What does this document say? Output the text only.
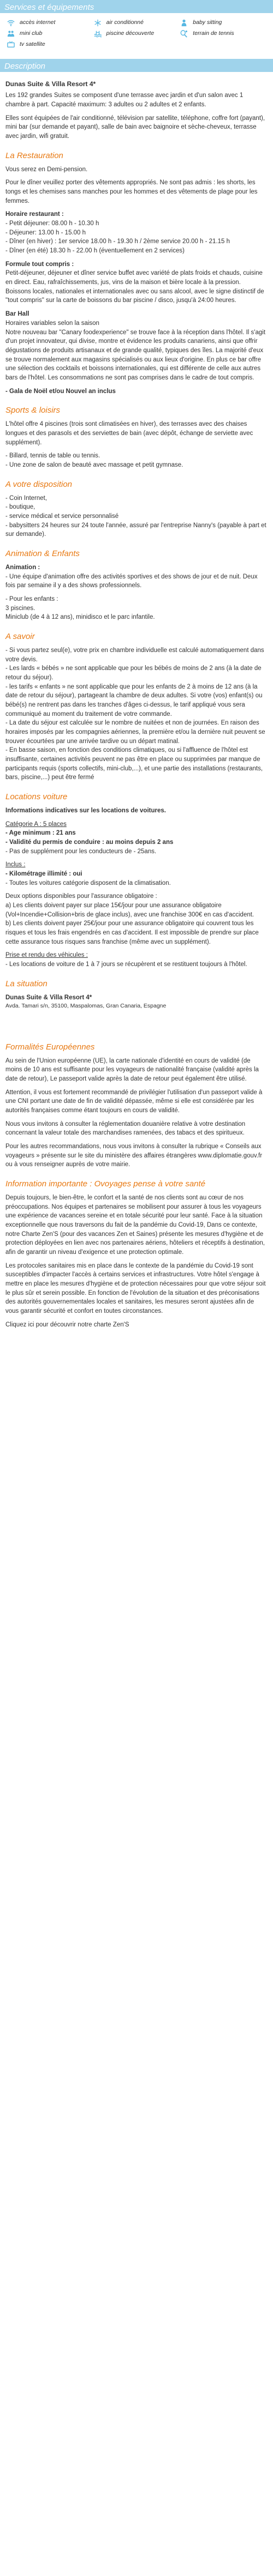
Services et équipements
accès internet	air conditionné	baby sitting
mini club	piscine découverte	terrain de tennis
tv satellite
Description
Dunas Suite & Villa Resort 4*

Les 192 grandes Suites se composent d'une terrasse avec jardin et d'un salon avec 1 chambre à part. Capacité maximum: 3 adultes ou 2 adultes et 2 enfants.

Elles sont équipées de l'air conditionné, télévision par satellite, téléphone, coffre fort (payant), mini bar (sur demande et payant), salle de bain avec baignoire et sèche-cheveux, terrasse avec jardin, wifi gratuit.

La Restauration

Vous serez en Demi-pension.

Pour le dîner veuillez porter des vêtements appropriés. Ne sont pas admis : les shorts, les tongs et les chemises sans manches pour les hommes et des vêtements de plage pour les femmes.

Horaire restaurant :
- Petit déjeuner: 08.00 h - 10.30 h
- Déjeuner: 13.00 h - 15.00 h
- Dîner (en hiver) : 1er service 18.00 h - 19.30 h / 2ème service 20.00 h - 21.15 h
- Dîner (en été) 18.30 h - 22.00 h (éventuellement en 2 services)
Formule tout compris :

Petit-déjeuner, déjeuner et dîner service buffet avec variété de plats froids et chauds, cuisine en direct. Eau, rafraîchissements, jus, vins de la maison et bière locale à la pression. Boissons locales, nationales et internationales avec ou sans alcool, avec le signe distinctif de "tout compris" sur la carte de boissons du bar piscine / disco, jusqu'à 24:00 heures.

Bar Hall
Horaires variables selon la saison

Notre nouveau bar "Canary foodexperience" se trouve face à la réception dans l'hôtel. Il s'agit d'un projet innovateur, qui divise, montre et évidence les produits canariens, ainsi que offrir dégustations de produits artisanaux et de grande qualité, typiques des îles. La majorité d'eux se trouve normalement aux magasins spécialisés ou aux lieux d'origine. En plus ce bar offre une sélection des cocktails et boissons internationales, qui est différente de celle aux autres bars de l'hôtel. Les consommations ne sont pas comprises dans le cadre de tout compris.

- Gala de Noël et/ou Nouvel an inclus

Sports & loisirs

L'hôtel offre 4 piscines (trois sont climatisées en hiver), des terrasses avec des chaises longues et des parasols et des serviettes de bain (avec dépôt, échange de serviette avec supplément).

- Billard, tennis de table ou tennis.
- Une zone de salon de beauté avec massage et petit gymnase.
A votre disposition
- Coin Internet,
- boutique,
- service médical et service personnalisé
- babysitters 24 heures sur 24 toute l'année, assuré par l'entreprise Nanny's (payable à part et sur demande).
Animation & Enfants
Animation :

- Une équipe d'animation offre des activités sportives et des shows de jour et de nuit. Deux fois par semaine il y a des shows professionnels.

- Pour les enfants :
3 piscines.
Miniclub (de 4 à 12 ans), minidisco et le parc infantile.
A savoir
- Si vous partez seul(e), votre prix en chambre individuelle est calculé automatiquement dans votre devis.
- Les lards « bébés » ne sont applicable que pour les bébés de moins de 2 ans (à la date de retour du séjour).
- les tarifs « enfants » ne sont applicable que pour les enfants de 2 à moins de 12 ans (à la date de retour du séjour), partageant la chambre de deux adultes. Si votre (vos) enfant(s) ou bébé(s) ne rentrent pas dans les tranches d'âges ci-dessus, le tarif appliqué vous sera communiqué au moment du traitement de votre commande.
- La date du séjour est calculée sur le nombre de nuitées et non de journées. En raison des horaires imposés par les compagnies aériennes, la première et/ou la dernière nuit peuvent se trouver écourtées par une arrivée tardive ou un départ matinal.
- En basse saison, en fonction des conditions climatiques, ou si l'affluence de l'hôtel est insuffisante, certaines activités peuvent ne pas être en place ou supprimées par manque de participants requis (sports collectifs, mini-club,...), et une partie des installations (restaurants, bars, piscine,...) peut être fermé
Locations voiture

Informations indicatives sur les locations de voitures.

Catégorie A : 5 places
- Age minimum : 21 ans
- Validité du permis de conduire : au moins depuis 2 ans
- Pas de supplément pour les conducteurs de - 25ans.
Inclus :
- Kilométrage illimité : oui
- Toutes les voitures catégorie disposent de la climatisation.
Deux options disponibles pour l'assurance obligatoire :
a) Les clients doivent payer sur place 15€/jour pour une assurance obligatoire (Vol+Incendie+Collision+bris de glace inclus), avec une franchise 300€ en cas d'accident.
b) Les clients doivent payer 25€/jour pour une assurance obligatoire qui couvrent tous les risques et tous les frais engendrés en cas d'accident. Il est impossible de prendre sur place cette assurance tous risques sans franchise (même avec un supplément).
Prise et rendu des véhicules :
- Les locations de voiture de 1 à 7 jours se récupèrent et se restituent toujours à l'hôtel.
La situation
Dunas Suite & Villa Resort 4*
Avda. Tamari s/n, 35100, Maspalomas, Gran Canaria, Espagne
Formalités Européennes

Au sein de l'Union européenne (UE), la carte nationale d'identité en cours de validité (de moins de 10 ans est suffisante pour les voyageurs de nationalité française (validité après la date de retour), Le passeport valide après la date de retour peut également être utilisé.

Attention, il vous est fortement recommandé de privilégier l'utilisation d'un passeport valide à une CNI portant une date de fin de validité dépassée, même si elle est considérée par les autorités françaises comme étant toujours en cours de validité.

Nous vous invitons à consulter la réglementation douanière relative à votre destination concernant la valeur totale des marchandises ramenées, des tabacs et des spiritueux.

Pour les autres recommandations, nous vous invitons à consulter la rubrique « Conseils aux voyageurs » présente sur le site du ministère des affaires étrangères www.diplomatie.gouv.fr ou à vous renseigner auprès de votre mairie.

Information importante : Ovoyages pense à votre santé

Depuis toujours, le bien-être, le confort et la santé de nos clients sont au cœur de nos préoccupations. Nos équipes et partenaires se mobilisent pour assurer à tous les voyageurs une expérience de vacances sereine et en totale sécurité pour leur santé. Face à la situation exceptionnelle que nous traversons du fait de la pandémie du Covid-19, Dans ce contexte, notre Charte Zen'S (pour des vacances Zen et Saines) présente les mesures d'hygiène et de protection déployées en lien avec nos partenaires aériens, hôteliers et réceptifs à destination, afin de garantir un niveau d'exigence et une protection optimale.

Les protocoles sanitaires mis en place dans le contexte de la pandémie du Covid-19 sont susceptibles d'impacter l'accès à certains services et infrastructures. Votre hôtel s'engage à mettre en place les mesures d'hygiène et de protection nécessaires pour que votre séjour soit le plus sûr et serein possible. En fonction de l'évolution de la situation et des préconisations des autorités gouvernementales locales et sanitaires, les mesures seront ajustées afin de vous garantir sécurité et confort en toutes circonstances.

Cliquez ici pour découvrir notre charte Zen'S
